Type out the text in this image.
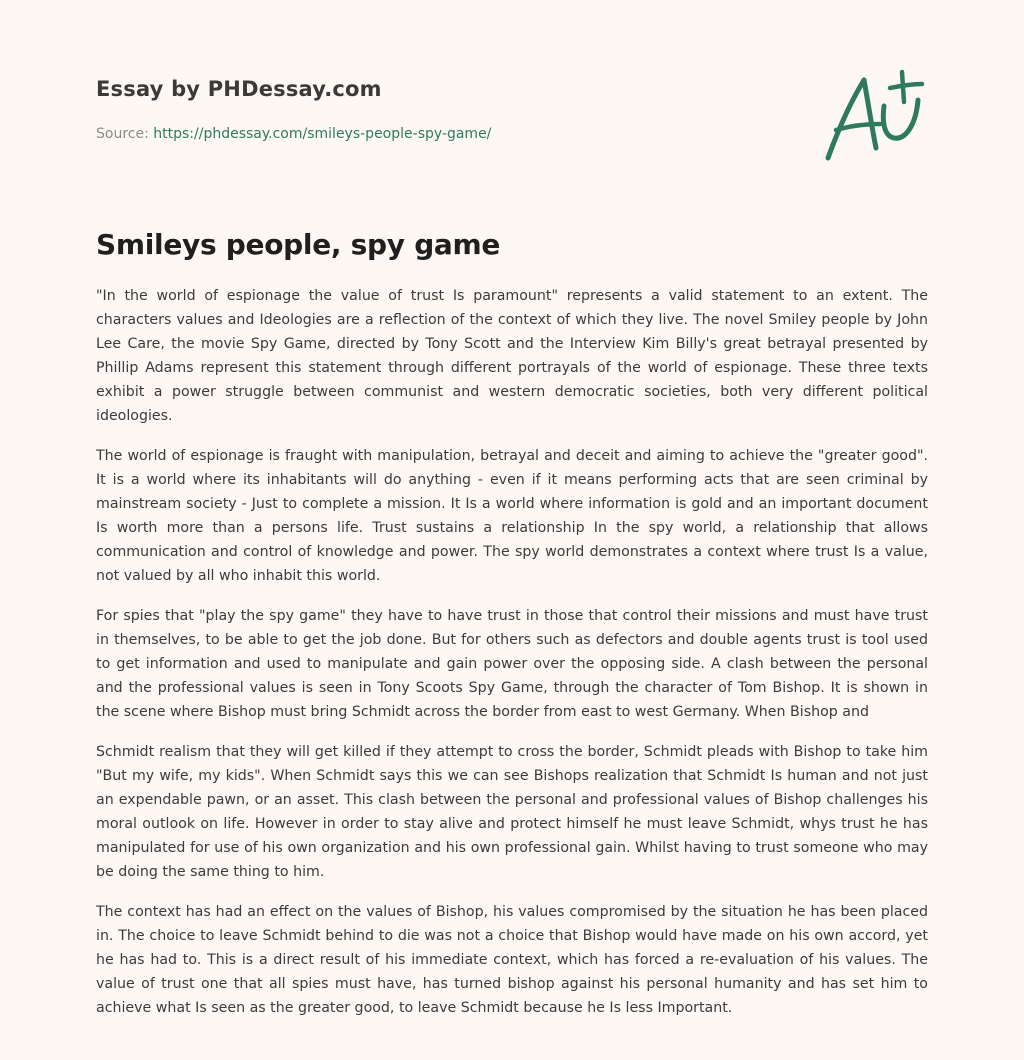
Essay by PHDessay.com
Source: https://phdessay.com/smileys-people-spy-game/
Smileys people, spy game

"In the world of espionage the value of trust Is paramount" represents a valid statement to an extent. The characters values and Ideologies are a reflection of the context of which they live. The novel Smiley people by John Lee Care, the movie Spy Game, directed by Tony Scott and the Interview Kim Billy's great betrayal presented by Phillip Adams represent this statement through different portrayals of the world of espionage. These three texts exhibit a power struggle between communist and western democratic societies, both very different political ideologies.

The world of espionage is fraught with manipulation, betrayal and deceit and aiming to achieve the "greater good". It is a world where its inhabitants will do anything - even if it means performing acts that are seen criminal by mainstream society - Just to complete a mission. It Is a world where information is gold and an important document Is worth more than a persons life. Trust sustains a relationship In the spy world, a relationship that allows communication and control of knowledge and power. The spy world demonstrates a context where trust Is a value, not valued by all who inhabit this world.

For spies that "play the spy game" they have to have trust in those that control their missions and must have trust in themselves, to be able to get the job done. But for others such as defectors and double agents trust is tool used to get information and used to manipulate and gain power over the opposing side. A clash between the personal and the professional values is seen in Tony Scoots Spy Game, through the character of Tom Bishop. It is shown in the scene where Bishop must bring Schmidt across the border from east to west Germany. When Bishop and

Schmidt realism that they will get killed if they attempt to cross the border, Schmidt pleads with Bishop to take him "But my wife, my kids". When Schmidt says this we can see Bishops realization that Schmidt Is human and not just an expendable pawn, or an asset. This clash between the personal and professional values of Bishop challenges his moral outlook on life. However in order to stay alive and protect himself he must leave Schmidt, whys trust he has manipulated for use of his own organization and his own professional gain. Whilst having to trust someone who may be doing the same thing to him.

The context has had an effect on the values of Bishop, his values compromised by the situation he has been placed in. The choice to leave Schmidt behind to die was not a choice that Bishop would have made on his own accord, yet he has had to. This is a direct result of his immediate context, which has forced a re-evaluation of his values. The value of trust one that all spies must have, has turned bishop against his personal humanity and has set him to achieve what Is seen as the greater good, to leave Schmidt because he Is less Important.
